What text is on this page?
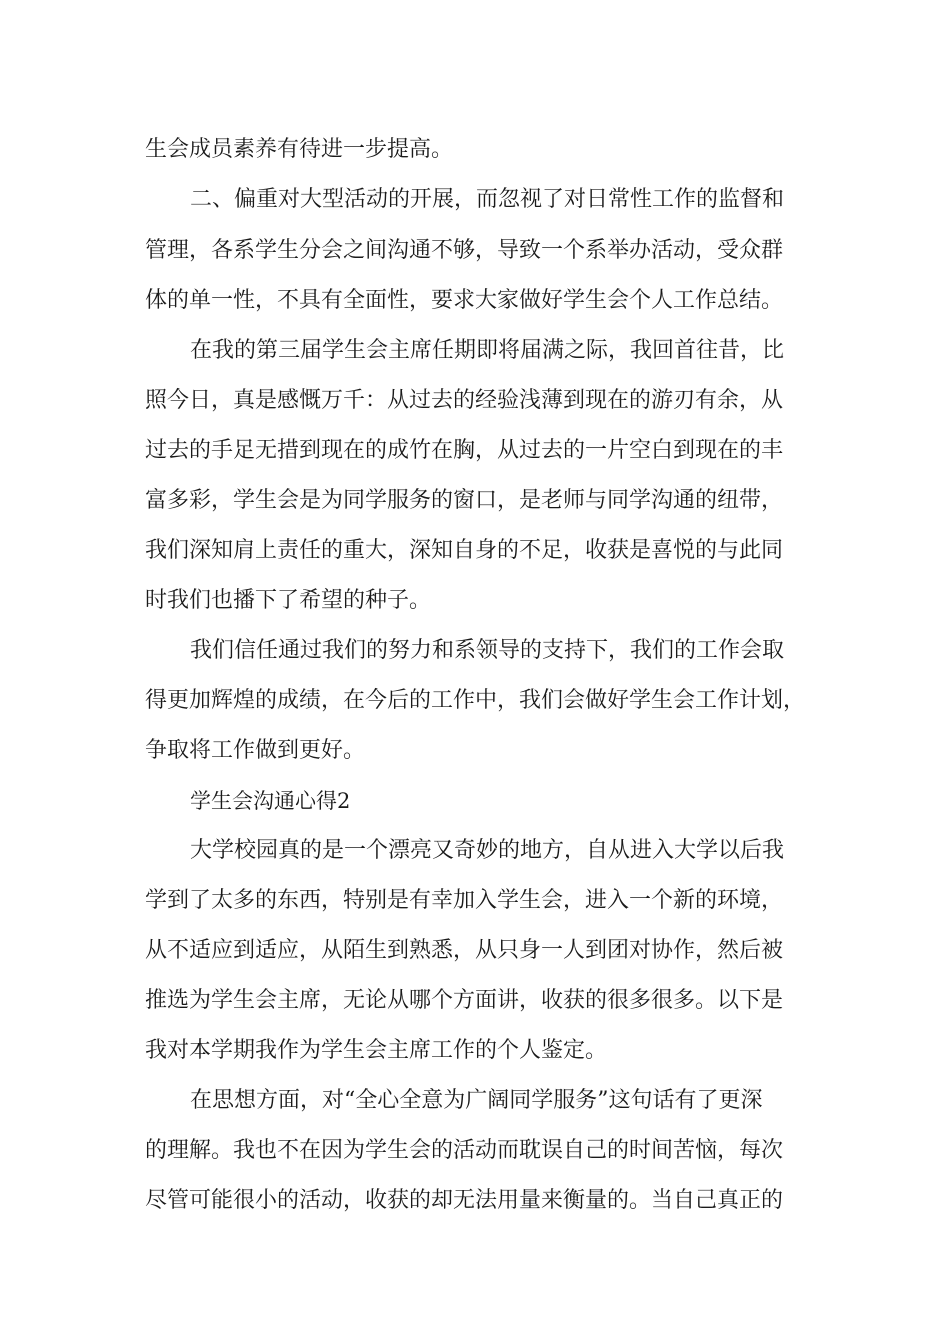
生会成员素养有待进一步提高。

二、偏重对大型活动的开展，而忽视了对日常性工作的监督和

管理，各系学生分会之间沟通不够，导致一个系举办活动，受众群

体的单一性，不具有全面性，要求大家做好学生会个人工作总结。

在我的第三届学生会主席任期即将届满之际，我回首往昔，比

照今日，真是感慨万千：从过去的经验浅薄到现在的游刃有余，从

过去的手足无措到现在的成竹在胸，从过去的一片空白到现在的丰

富多彩，学生会是为同学服务的窗口，是老师与同学沟通的纽带，

我们深知肩上责任的重大，深知自身的不足，收获是喜悦的与此同

时我们也播下了希望的种子。

我们信任通过我们的努力和系领导的支持下，我们的工作会取

得更加辉煌的成绩，在今后的工作中，我们会做好学生会工作计划，

争取将工作做到更好。

学生会沟通心得2

大学校园真的是一个漂亮又奇妙的地方，自从进入大学以后我

学到了太多的东西，特别是有幸加入学生会，进入一个新的环境，

从不适应到适应，从陌生到熟悉，从只身一人到团对协作，然后被

推选为学生会主席，无论从哪个方面讲，收获的很多很多。以下是

我对本学期我作为学生会主席工作的个人鉴定。

在思想方面，对“全心全意为广阔同学服务”这句话有了更深

的理解。我也不在因为学生会的活动而耽误自己的时间苦恼，每次

尽管可能很小的活动，收获的却无法用量来衡量的。当自己真正的
